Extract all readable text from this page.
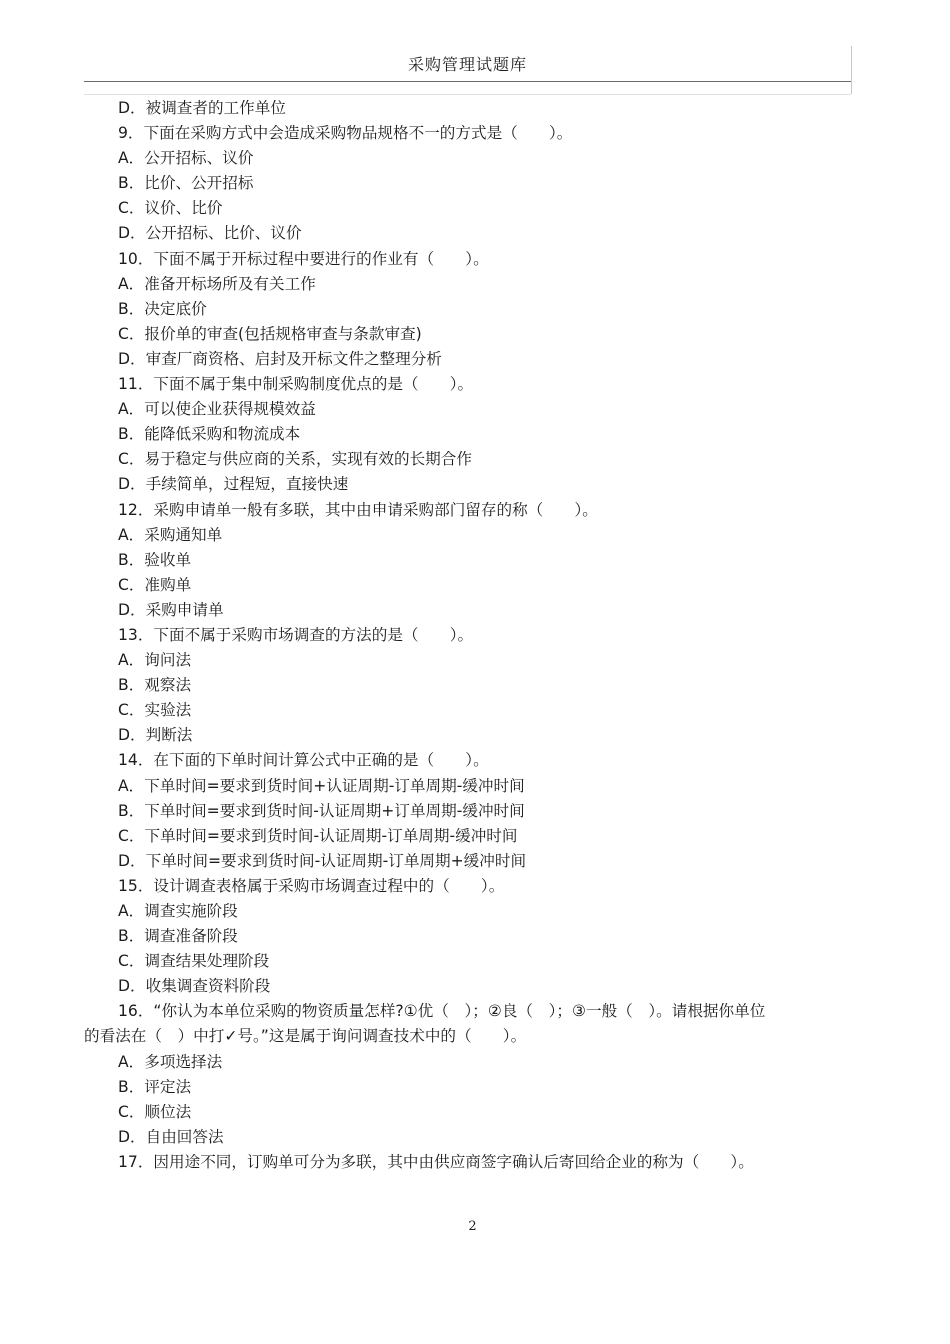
采购管理试题库
D．被调查者的工作单位
9．下面在采购方式中会造成采购物品规格不一的方式是（　　）。
A．公开招标、议价
B．比价、公开招标
C．议价、比价
D．公开招标、比价、议价
10．下面不属于开标过程中要进行的作业有（　　）。
A．准备开标场所及有关工作
B．决定底价
C．报价单的审查(包括规格审查与条款审查)
D．审查厂商资格、启封及开标文件之整理分析
11．下面不属于集中制采购制度优点的是（　　）。
A．可以使企业获得规模效益
B．能降低采购和物流成本
C．易于稳定与供应商的关系，实现有效的长期合作
D．手续简单，过程短，直接快速
12．采购申请单一般有多联，其中由申请采购部门留存的称（　　）。
A．采购通知单
B．验收单
C．准购单
D．采购申请单
13．下面不属于采购市场调查的方法的是（　　）。
A．询问法
B．观察法
C．实验法
D．判断法
14．在下面的下单时间计算公式中正确的是（　　）。
A．下单时间=要求到货时间+认证周期-订单周期-缓冲时间
B．下单时间=要求到货时间-认证周期+订单周期-缓冲时间
C．下单时间=要求到货时间-认证周期-订单周期-缓冲时间
D．下单时间=要求到货时间-认证周期-订单周期+缓冲时间
15．设计调查表格属于采购市场调查过程中的（　　）。
A．调查实施阶段
B．调查准备阶段
C．调查结果处理阶段
D．收集调查资料阶段
16．“你认为本单位采购的物资质量怎样?①优（　）；②良（　）；③一般（　）。请根据你单位
的看法在（　）中打✓号。”这是属于询问调查技术中的（　　）。
A．多项选择法
B．评定法
C．顺位法
D．自由回答法
17．因用途不同，订购单可分为多联，其中由供应商签字确认后寄回给企业的称为（　　）。
2
